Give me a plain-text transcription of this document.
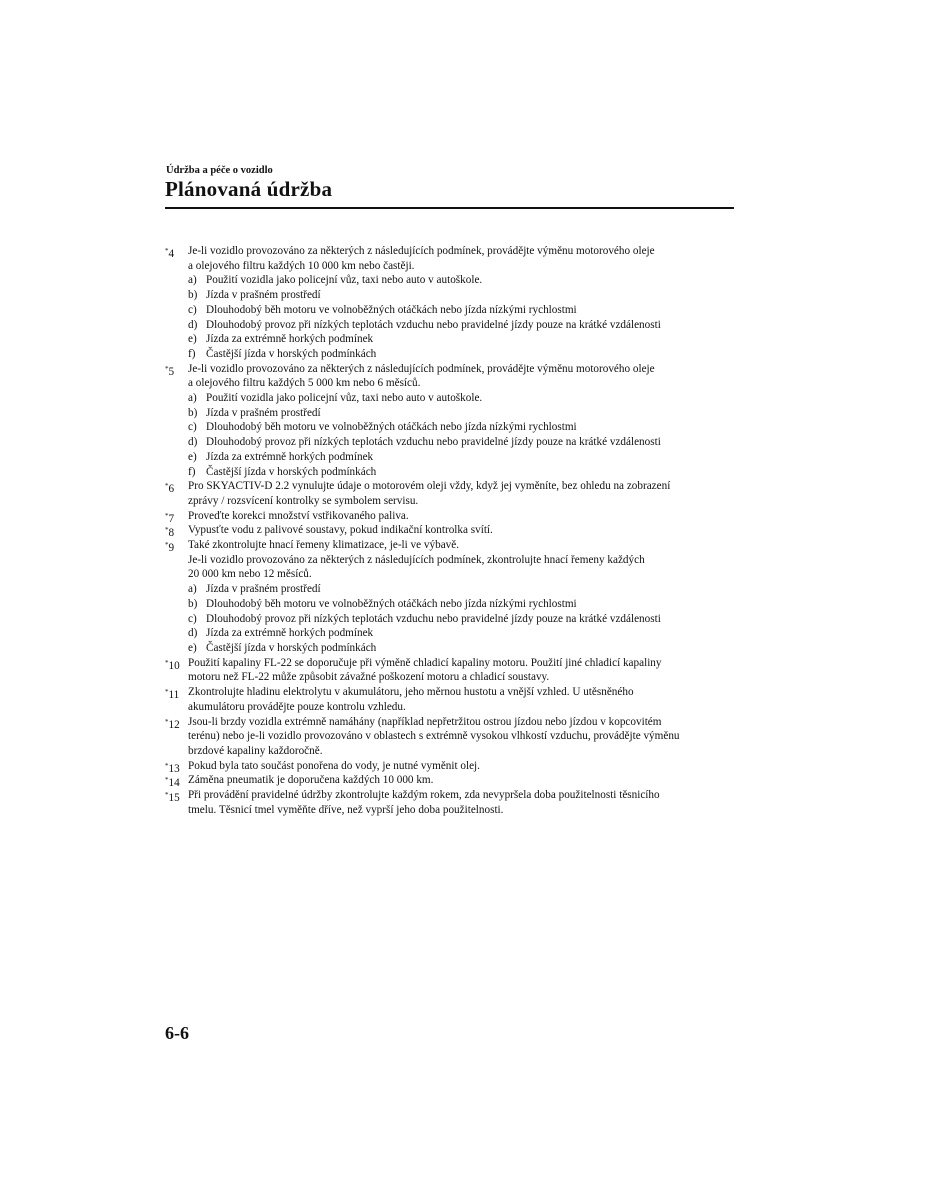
Údržba a péče o vozidlo
Plánovaná údržba
*4 Je-li vozidlo provozováno za některých z následujících podmínek, provádějte výměnu motorového oleje
a olejového filtru každých 10 000 km nebo častěji.
a) Použití vozidla jako policejní vůz, taxi nebo auto v autoškole.
b) Jízda v prašném prostředí
c) Dlouhodobý běh motoru ve volnoběžných otáčkách nebo jízda nízkými rychlostmi
d) Dlouhodobý provoz při nízkých teplotách vzduchu nebo pravidelné jízdy pouze na krátké vzdálenosti
e) Jízda za extrémně horkých podmínek
f) Častější jízda v horských podmínkách
*5 Je-li vozidlo provozováno za některých z následujících podmínek, provádějte výměnu motorového oleje
a olejového filtru každých 5 000 km nebo 6 měsíců.
a) Použití vozidla jako policejní vůz, taxi nebo auto v autoškole.
b) Jízda v prašném prostředí
c) Dlouhodobý běh motoru ve volnoběžných otáčkách nebo jízda nízkými rychlostmi
d) Dlouhodobý provoz při nízkých teplotách vzduchu nebo pravidelné jízdy pouze na krátké vzdálenosti
e) Jízda za extrémně horkých podmínek
f) Častější jízda v horských podmínkách
*6 Pro SKYACTIV-D 2.2 vynulujte údaje o motorovém oleji vždy, když jej vyměníte, bez ohledu na zobrazení
zprávy / rozsvícení kontrolky se symbolem servisu.
*7 Proveďte korekci množství vstřikovaného paliva.
*8 Vypusťte vodu z palivové soustavy, pokud indikační kontrolka svítí.
*9 Také zkontrolujte hnací řemeny klimatizace, je-li ve výbavě.
Je-li vozidlo provozováno za některých z následujících podmínek, zkontrolujte hnací řemeny každých
20 000 km nebo 12 měsíců.
a) Jízda v prašném prostředí
b) Dlouhodobý běh motoru ve volnoběžných otáčkách nebo jízda nízkými rychlostmi
c) Dlouhodobý provoz při nízkých teplotách vzduchu nebo pravidelné jízdy pouze na krátké vzdálenosti
d) Jízda za extrémně horkých podmínek
e) Častější jízda v horských podmínkách
*10 Použití kapaliny FL-22 se doporučuje při výměně chladicí kapaliny motoru. Použití jiné chladicí kapaliny
motoru než FL-22 může způsobit závažné poškození motoru a chladicí soustavy.
*11 Zkontrolujte hladinu elektrolytu v akumulátoru, jeho měrnou hustotu a vnější vzhled. U utěsněného
akumulátoru provádějte pouze kontrolu vzhledu.
*12 Jsou-li brzdy vozidla extrémně namáhány (například nepřetržitou ostrou jízdou nebo jízdou v kopcovitém
terénu) nebo je-li vozidlo provozováno v oblastech s extrémně vysokou vlhkostí vzduchu, provádějte výměnu
brzdové kapaliny každoročně.
*13 Pokud byla tato součást ponořena do vody, je nutné vyměnit olej.
*14 Záměna pneumatik je doporučena každých 10 000 km.
*15 Při provádění pravidelné údržby zkontrolujte každým rokem, zda nevypršela doba použitelnosti těsnicího
tmelu. Těsnicí tmel vyměňte dříve, než vyprší jeho doba použitelnosti.
6-6
